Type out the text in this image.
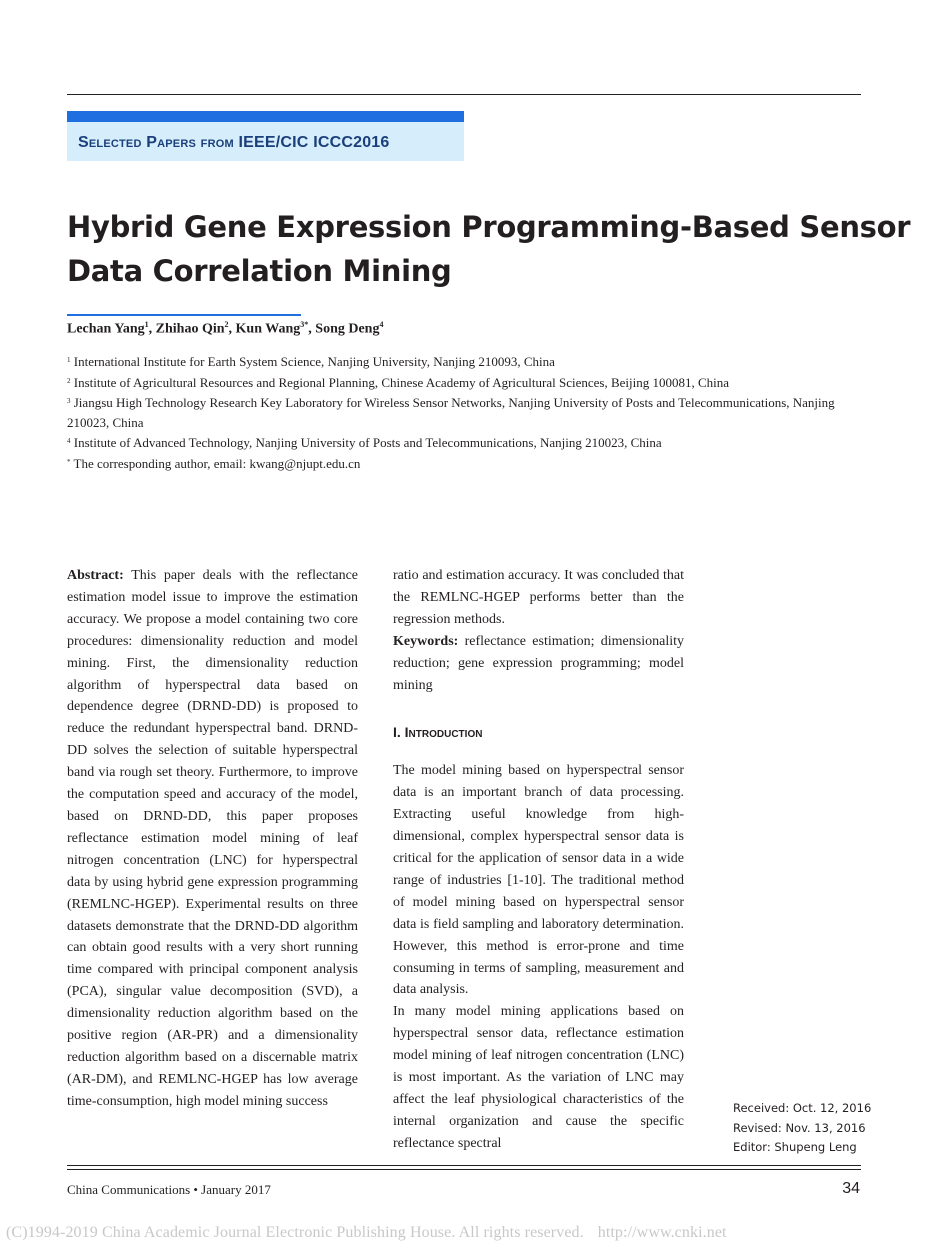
Selected Papers from IEEE/CIC ICCC2016

Hybrid Gene Expression Programming-Based Sensor
Data Correlation Mining

Lechan Yang$^1$, Zhihao Qin$^2$, Kun Wang$^{3*}$, Song Deng$^4$

$^1$ International Institute for Earth System Science, Nanjing University, Nanjing 210093, China

$^2$ Institute of Agricultural Resources and Regional Planning, Chinese Academy of Agricultural Sciences, Beijing 100081, China

$^3$ Jiangsu High Technology Research Key Laboratory for Wireless Sensor Networks, Nanjing University of Posts and Telecommunications, Nanjing 210023, China

$^4$ Institute of Advanced Technology, Nanjing University of Posts and Telecommunications, Nanjing 210023, China

* The corresponding author, email: kwang@njupt.edu.cn

Abstract: This paper deals with the reflectance estimation model issue to improve the estimation accuracy. We propose a model containing two core procedures: dimensionality reduction and model mining. First, the dimensionality reduction algorithm of hyperspectral data based on dependence degree (DRND-DD) is proposed to reduce the redundant hyperspectral band. DRND-DD solves the selection of suitable hyperspectral band via rough set theory. Furthermore, to improve the computation speed and accuracy of the model, based on DRND-DD, this paper proposes reflectance estimation model mining of leaf nitrogen concentration (LNC) for hyperspectral data by using hybrid gene expression programming (REMLNC-HGEP). Experimental results on three datasets demonstrate that the DRND-DD algorithm can obtain good results with a very short running time compared with principal component analysis (PCA), singular value decomposition (SVD), a dimensionality reduction algorithm based on the positive region (AR-PR) and a dimensionality reduction algorithm based on a discernable matrix (AR-DM), and REMLNC-HGEP has low average time-consumption, high model mining success

ratio and estimation accuracy. It was concluded that the REMLNC-HGEP performs better than the regression methods.

Keywords: reflectance estimation; dimensionality reduction; gene expression programming; model mining

I. Introduction

The model mining based on hyperspectral sensor data is an important branch of data processing. Extracting useful knowledge from high-dimensional, complex hyperspectral sensor data is critical for the application of sensor data in a wide range of industries [1-10]. The traditional method of model mining based on hyperspectral sensor data is field sampling and laboratory determination. However, this method is error-prone and time consuming in terms of sampling, measurement and data analysis.

In many model mining applications based on hyperspectral sensor data, reflectance estimation model mining of leaf nitrogen concentration (LNC) is most important. As the variation of LNC may affect the leaf physiological characteristics of the internal organization and cause the specific reflectance spectral

Received: Oct. 12, 2016

Revised: Nov. 13, 2016

Editor: Shupeng Leng

China Communications • January 2017	34
(C)1994-2019 China Academic Journal Electronic Publishing House. All rights reserved. http://www.cnki.net
